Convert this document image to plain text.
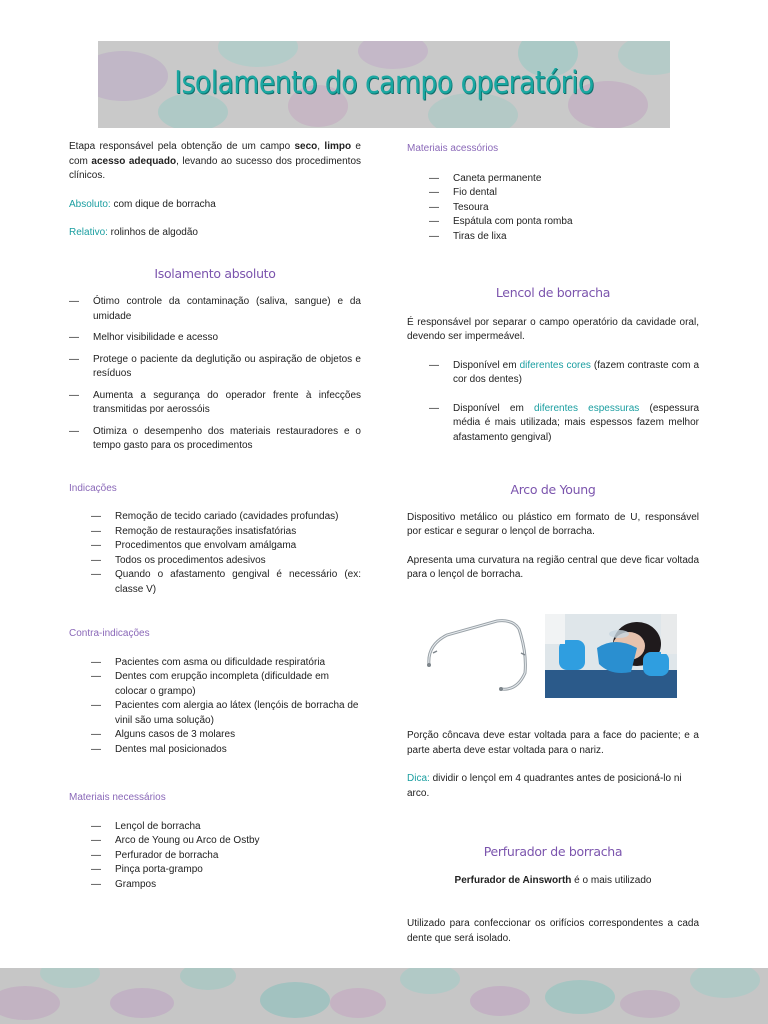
Isolamento do campo operatório

Etapa responsável pela obtenção de um campo seco, limpo e com acesso adequado, levando ao sucesso dos procedimentos clínicos.

Absoluto: com dique de borracha

Relativo: rolinhos de algodão

Isolamento absoluto
— Ótimo controle da contaminação (saliva, sangue) e da umidade
— Melhor visibilidade e acesso
— Protege o paciente da deglutição ou aspiração de objetos e resíduos
— Aumenta a segurança do operador frente à infecções transmitidas por aerossóis
— Otimiza o desempenho dos materiais restauradores e o tempo gasto para os procedimentos

Indicações

— Remoção de tecido cariado (cavidades profundas)
— Remoção de restaurações insatisfatórias
— Procedimentos que envolvam amálgama
— Todos os procedimentos adesivos
— Quando o afastamento gengival é necessário (ex: classe V)

Contra-indicações

— Pacientes com asma ou dificuldade respiratória
— Dentes com erupção incompleta (dificuldade em colocar o grampo)
— Pacientes com alergia ao látex (lençóis de borracha de vinil são uma solução)
— Alguns casos de 3 molares
— Dentes mal posicionados

Materiais necessários

— Lençol de borracha
— Arco de Young ou Arco de Ostby
— Perfurador de borracha
— Pinça porta-grampo
— Grampos

Materiais acessórios

— Caneta permanente
— Fio dental
— Tesoura
— Espátula com ponta romba
— Tiras de lixa
Lencol de borracha

É responsável por separar o campo operatório da cavidade oral, devendo ser impermeável.

— Disponível em diferentes cores (fazem contraste com a cor dos dentes)
— Disponível em diferentes espessuras (espessura média é mais utilizada; mais espessos fazem melhor afastamento gengival)
Arco de Young

Dispositivo metálico ou plástico em formato de U, responsável por esticar e segurar o lençol de borracha.

Apresenta uma curvatura na região central que deve ficar voltada para o lençol de borracha.

Porção côncava deve estar voltada para a face do paciente; e a parte aberta deve estar voltada para o nariz.

Dica: dividir o lençol em 4 quadrantes antes de posicioná-lo ni arco.

Perfurador de borracha

Perfurador de Ainsworth é o mais utilizado

Utilizado para confeccionar os orifícios correspondentes a cada dente que será isolado.
